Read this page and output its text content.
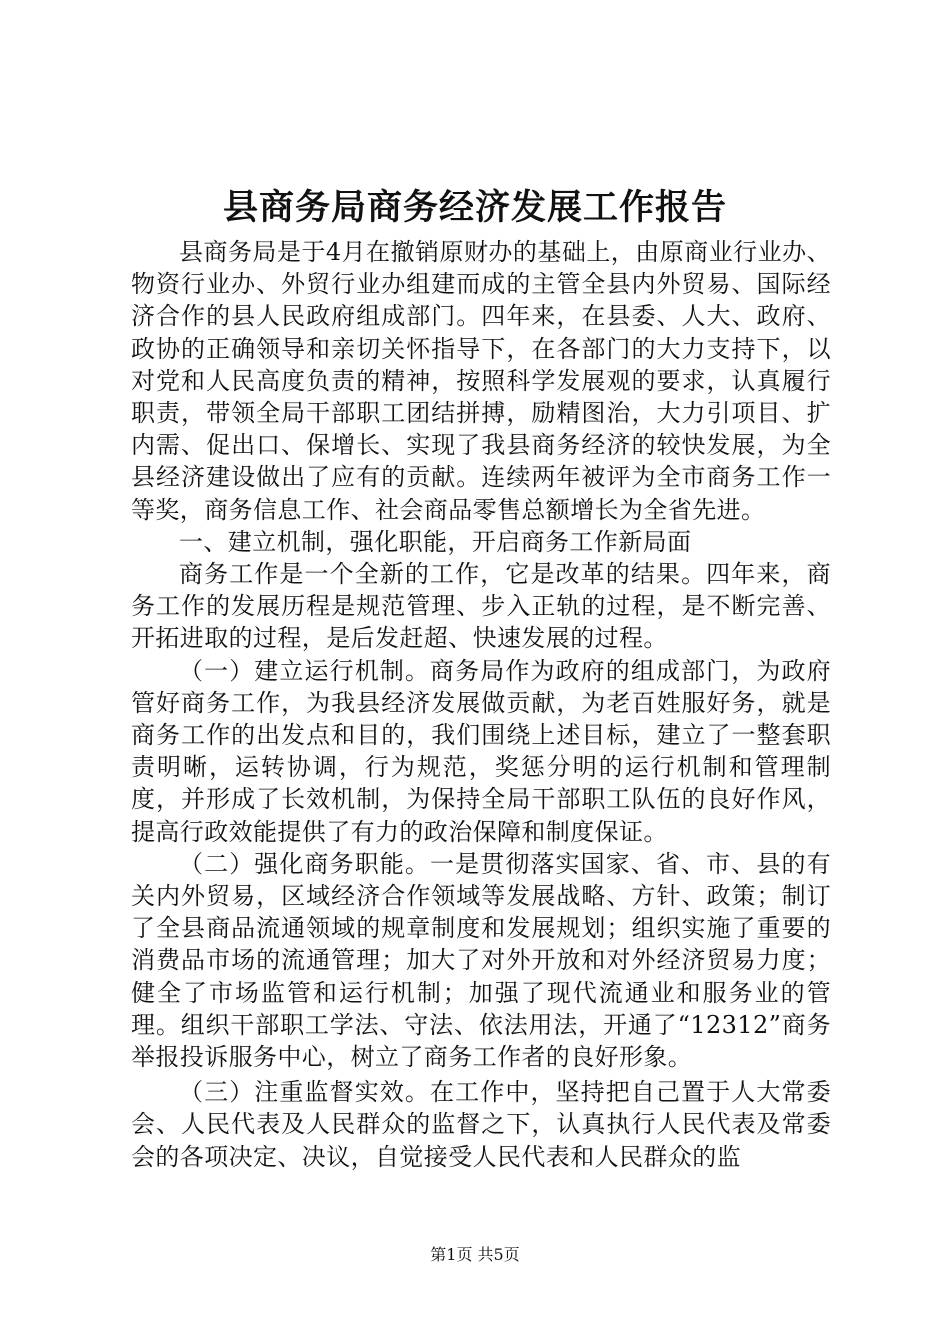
县商务局商务经济发展工作报告

县商务局是于4月在撤销原财办的基础上，由原商业行业办、物资行业办、外贸行业办组建而成的主管全县内外贸易、国际经济合作的县人民政府组成部门。四年来，在县委、人大、政府、政协的正确领导和亲切关怀指导下，在各部门的大力支持下，以对党和人民高度负责的精神，按照科学发展观的要求，认真履行职责，带领全局干部职工团结拼搏，励精图治，大力引项目、扩内需、促出口、保增长、实现了我县商务经济的较快发展，为全县经济建设做出了应有的贡献。连续两年被评为全市商务工作一等奖，商务信息工作、社会商品零售总额增长为全省先进。

一、建立机制，强化职能，开启商务工作新局面

商务工作是一个全新的工作，它是改革的结果。四年来，商务工作的发展历程是规范管理、步入正轨的过程，是不断完善、开拓进取的过程，是后发赶超、快速发展的过程。

（一）建立运行机制。商务局作为政府的组成部门，为政府管好商务工作，为我县经济发展做贡献，为老百姓服好务，就是商务工作的出发点和目的，我们围绕上述目标，建立了一整套职责明晰，运转协调，行为规范，奖惩分明的运行机制和管理制度，并形成了长效机制，为保持全局干部职工队伍的良好作风，提高行政效能提供了有力的政治保障和制度保证。

（二）强化商务职能。一是贯彻落实国家、省、市、县的有关内外贸易，区域经济合作领域等发展战略、方针、政策；制订了全县商品流通领域的规章制度和发展规划；组织实施了重要的消费品市场的流通管理；加大了对外开放和对外经济贸易力度；健全了市场监管和运行机制；加强了现代流通业和服务业的管理。组织干部职工学法、守法、依法用法，开通了“12312”商务举报投诉服务中心，树立了商务工作者的良好形象。

（三）注重监督实效。在工作中，坚持把自己置于人大常委会、人民代表及人民群众的监督之下，认真执行人民代表及常委会的各项决定、决议，自觉接受人民代表和人民群众的监

第1页 共5页
